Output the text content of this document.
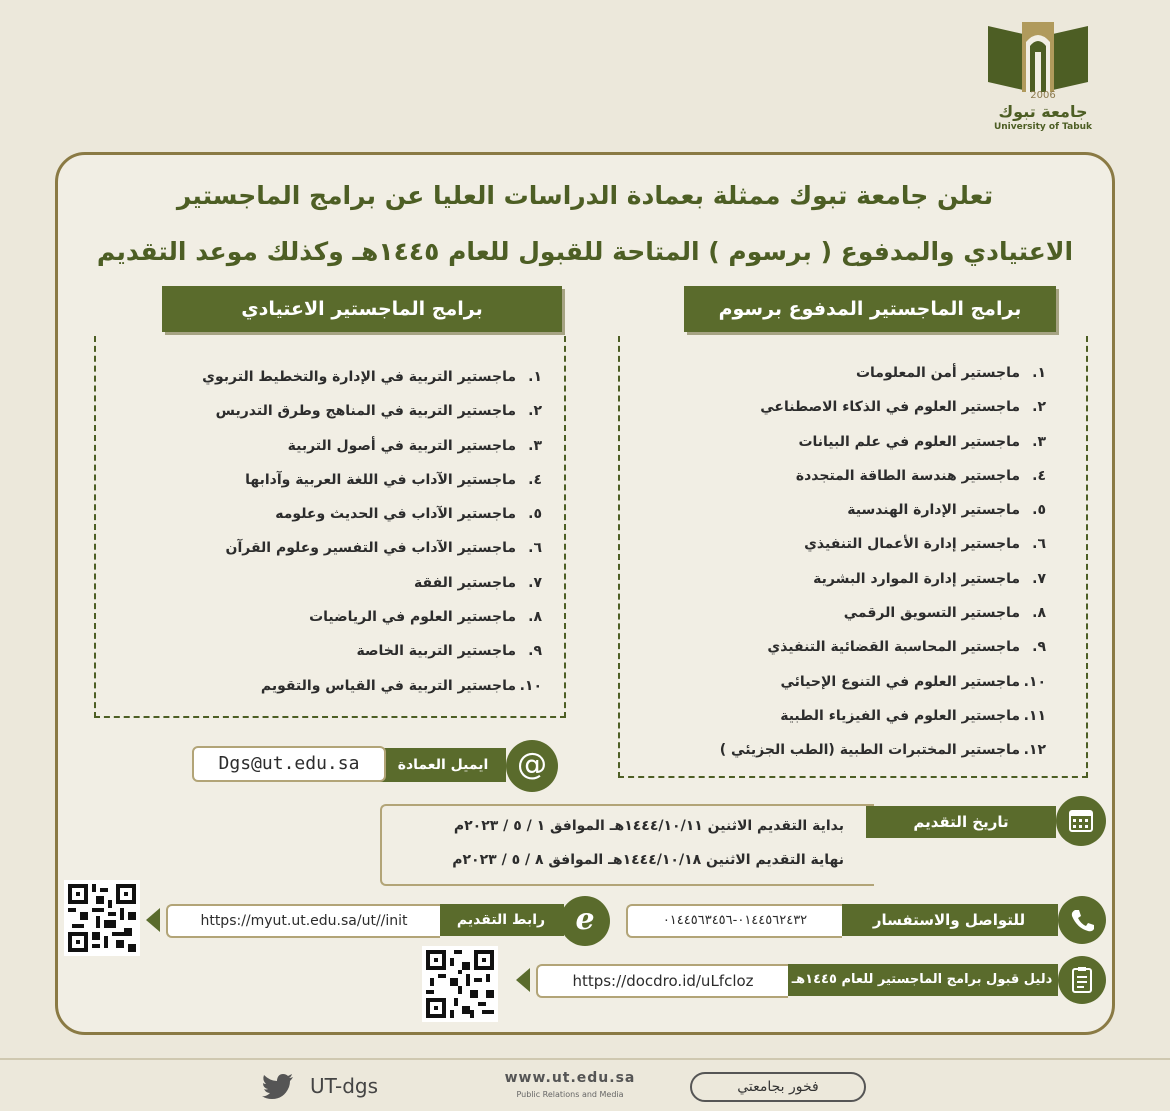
2006
جامعة تبوك
University of Tabuk
تعلن جامعة تبوك ممثلة بعمادة الدراسات العليا عن برامج الماجستير
الاعتيادي والمدفوع ( برسوم ) المتاحة للقبول للعام ١٤٤٥هـ وكذلك موعد التقديم
برامج الماجستير الاعتيادي
١.ماجستير التربية في الإدارة والتخطيط التربوي
٢.ماجستير التربية في المناهج وطرق التدريس
٣.ماجستير التربية في أصول التربية
٤.ماجستير الآداب في اللغة العربية وآدابها
٥.ماجستير الآداب في الحديث وعلومه
٦.ماجستير الآداب في التفسير وعلوم القرآن
٧.ماجستير الفقة
٨.ماجستير العلوم في الرياضيات
٩.ماجستير التربية الخاصة
١٠.ماجستير التربية في القياس والتقويم
برامج الماجستير المدفوع برسوم
١.ماجستير أمن المعلومات
٢.ماجستير العلوم في الذكاء الاصطناعي
٣.ماجستير العلوم في علم البيانات
٤.ماجستير هندسة الطاقة المتجددة
٥.ماجستير الإدارة الهندسية
٦.ماجستير إدارة الأعمال التنفيذي
٧.ماجستير إدارة الموارد البشرية
٨.ماجستير التسويق الرقمي
٩.ماجستير المحاسبة القضائية التنفيذي
١٠.ماجستير العلوم في التنوع الإحيائي
١١.ماجستير العلوم في الفيزياء الطبية
١٢.ماجستير المختبرات الطبية (الطب الجزيئي )
@
ايميل العمادة
Dgs@ut.edu.sa
تاريخ التقديم
بداية التقديم الاثنين ١٤٤٤/١٠/١١هـ الموافق ١ / ٥ / ٢٠٢٣م
نهاية التقديم الاثنين ١٤٤٤/١٠/١٨هـ الموافق ٨ / ٥ / ٢٠٢٣م
للتواصل والاستفسار
٠١٤٤٥٦٢٤٣٢-٠١٤٤٥٦٣٤٥٦
e
رابط التقديم
https://myut.ut.edu.sa/ut//init
دليل قبول برامج الماجستير للعام ١٤٤٥هـ
https://docdro.id/uLfcloz
UT-dgs	www.ut.edu.sa
Public Relations and Media	فخور بجامعتي
